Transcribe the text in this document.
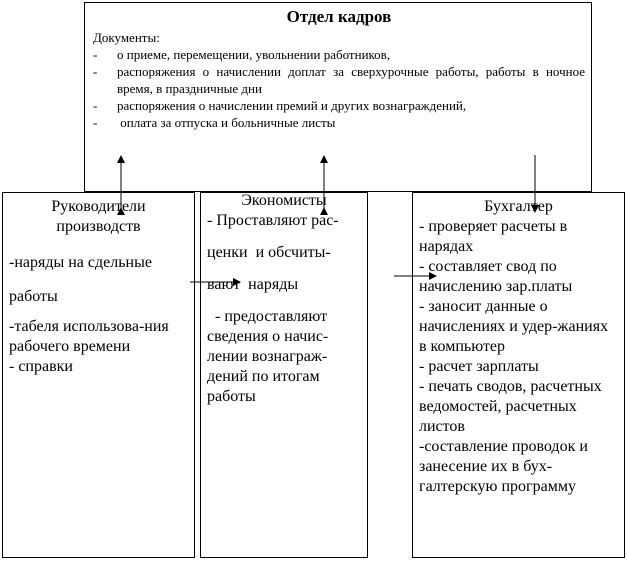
Отдел кадров
Документы:
- о приеме, перемещении, увольнении работников,
- распоряжения о начислении доплат за сверхурочные работы, работы в ночное время, в праздничные дни
- распоряжения о начислении премий и других вознаграждений,
-  оплата за отпуска и больничные листы
Руководители производств

-наряды на сдельные

работы

-табеля использова-ния рабочего времени

- справки

Экономисты

- Проставляют рас-

ценки  и обсчиты-

вают  наряды

- предоставляют сведения о начис-лении вознаграж-дений по итогам работы

Бухгалтер

- проверяет расчеты в нарядах

- составляет свод по начислению зар.платы

- заносит данные о начислениях и удер-жаниях в компьютер

- расчет зарплаты

- печать сводов, расчетных ведомостей, расчетных листов

-составление проводок и занесение их в бух-галтерскую программу
